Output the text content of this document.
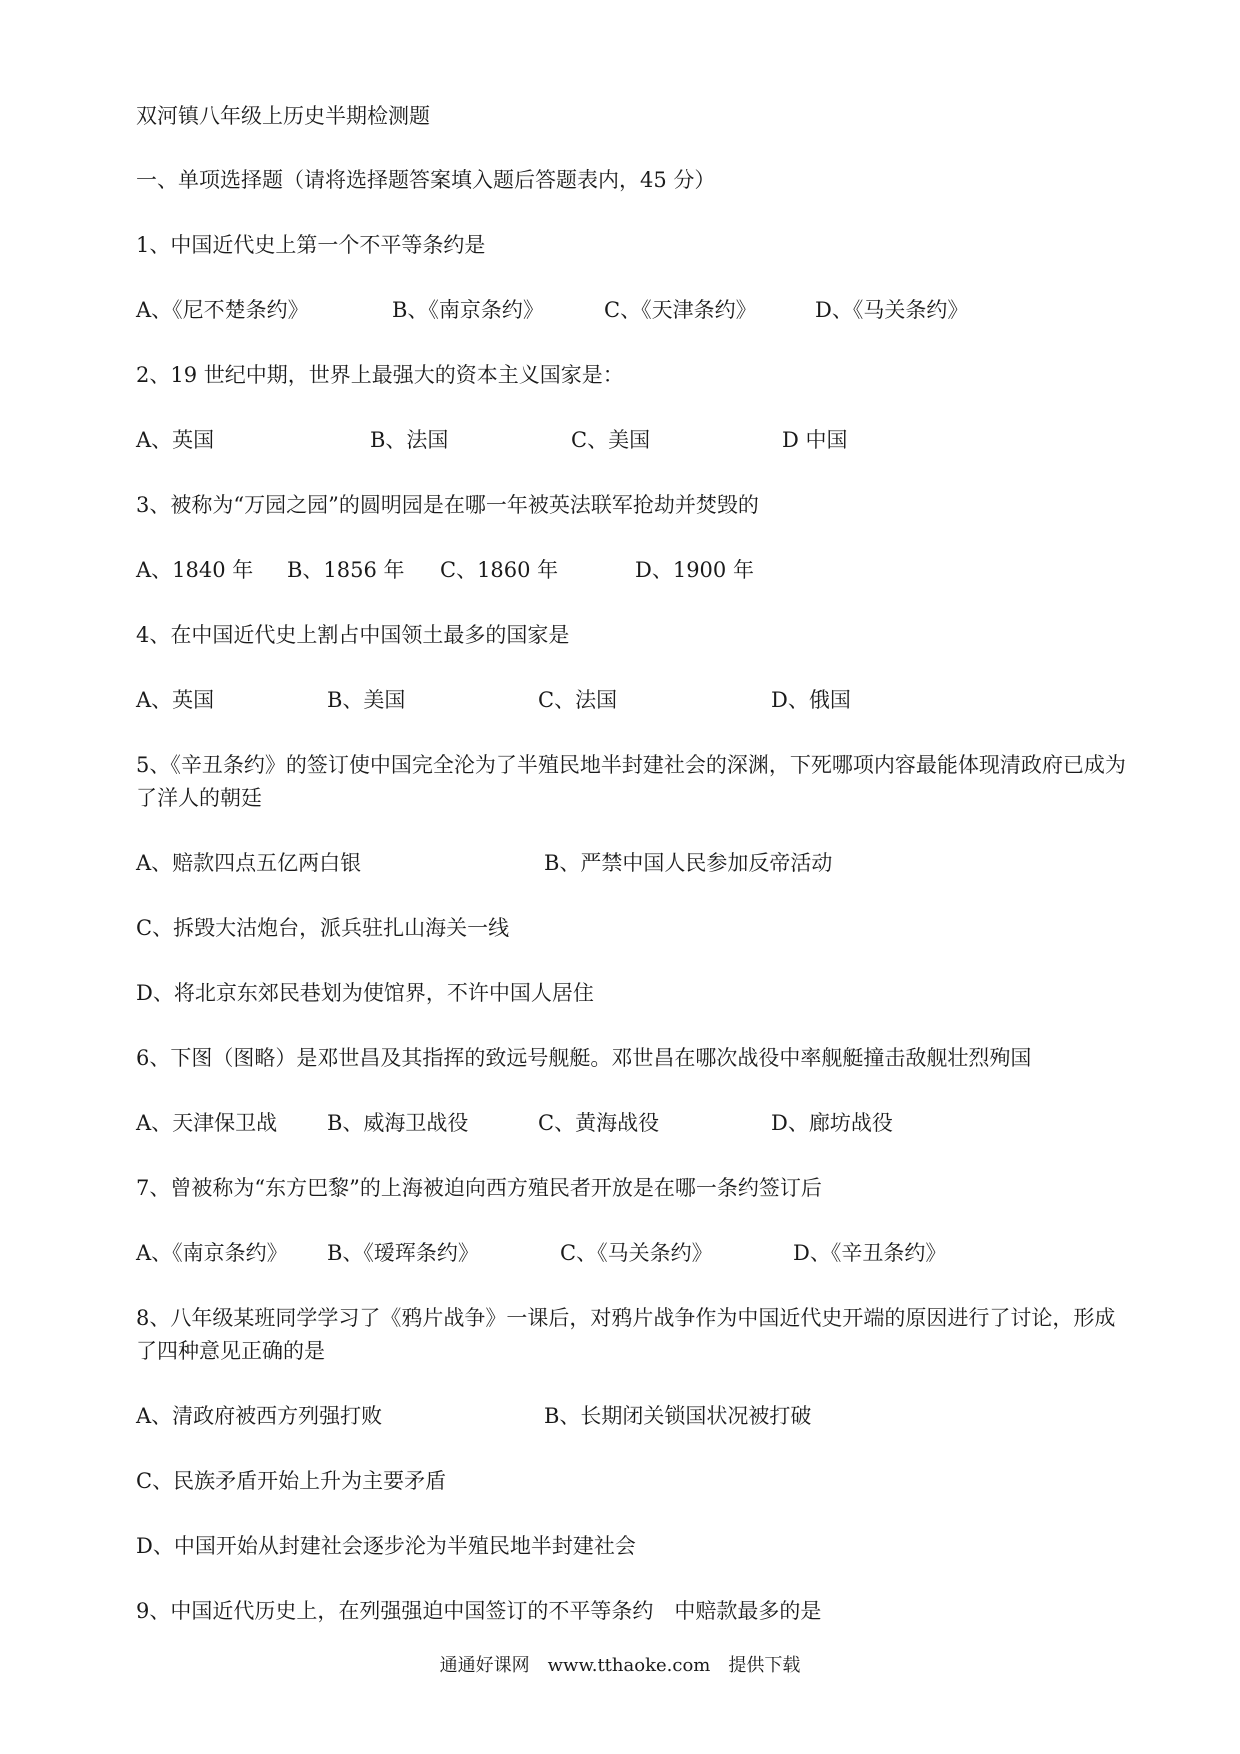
双河镇八年级上历史半期检测题
一、单项选择题（请将选择题答案填入题后答题表内，45 分）
1、中国近代史上第一个不平等条约是
A、《尼不楚条约》	B、《南京条约》	C、《天津条约》	D、《马关条约》
2、19 世纪中期，世界上最强大的资本主义国家是：
A、英国	B、法国	C、美国	D 中国
3、被称为“万园之园”的圆明园是在哪一年被英法联军抢劫并焚毁的
A、1840 年 B、1856 年 C、1860 年	D、1900 年
4、在中国近代史上割占中国领土最多的国家是
A、英国	B、美国	C、法国	D、俄国
5、《辛丑条约》的签订使中国完全沦为了半殖民地半封建社会的深渊，下死哪项内容最能体现清政府已成为了洋人的朝廷
A、赔款四点五亿两白银	B、严禁中国人民参加反帝活动
C、拆毁大沽炮台，派兵驻扎山海关一线
D、将北京东郊民巷划为使馆界，不许中国人居住
6、下图（图略）是邓世昌及其指挥的致远号舰艇。邓世昌在哪次战役中率舰艇撞击敌舰壮烈殉国
A、天津保卫战 B、威海卫战役	C、黄海战役	D、廊坊战役
7、曾被称为“东方巴黎”的上海被迫向西方殖民者开放是在哪一条约签订后
A、《南京条约》 B、《瑷珲条约》	C、《马关条约》	D、《辛丑条约》
8、八年级某班同学学习了《鸦片战争》一课后，对鸦片战争作为中国近代史开端的原因进行了讨论，形成了四种意见正确的是
A、清政府被西方列强打败	B、长期闭关锁国状况被打破
C、民族矛盾开始上升为主要矛盾
D、中国开始从封建社会逐步沦为半殖民地半封建社会
9、中国近代历史上，在列强强迫中国签订的不平等条约　中赔款最多的是
通通好课网　www.tthaoke.com　提供下载
